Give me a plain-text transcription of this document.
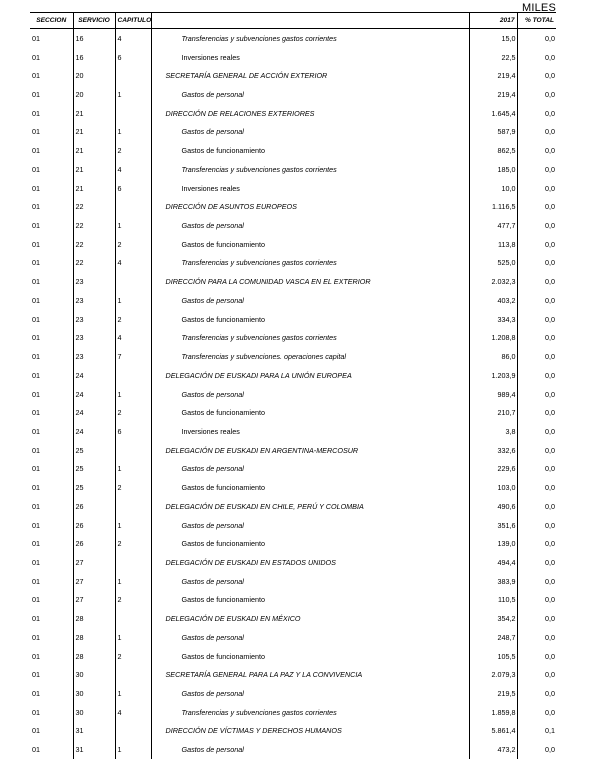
MILES
SECCION	SERVICIO	CAPITULO		2017	% TOTAL
01	16	4	Transferencias y subvenciones gastos corrientes	15,0	0,0
01	16	6	Inversiones reales	22,5	0,0
01	20		SECRETARÍA GENERAL DE ACCIÓN EXTERIOR	219,4	0,0
01	20	1	Gastos de personal	219,4	0,0
01	21		DIRECCIÓN DE RELACIONES EXTERIORES	1.645,4	0,0
01	21	1	Gastos de personal	587,9	0,0
01	21	2	Gastos de funcionamiento	862,5	0,0
01	21	4	Transferencias y subvenciones gastos corrientes	185,0	0,0
01	21	6	Inversiones reales	10,0	0,0
01	22		DIRECCIÓN DE ASUNTOS EUROPEOS	1.116,5	0,0
01	22	1	Gastos de personal	477,7	0,0
01	22	2	Gastos de funcionamiento	113,8	0,0
01	22	4	Transferencias y subvenciones gastos corrientes	525,0	0,0
01	23		DIRECCIÓN PARA LA COMUNIDAD VASCA EN EL EXTERIOR	2.032,3	0,0
01	23	1	Gastos de personal	403,2	0,0
01	23	2	Gastos de funcionamiento	334,3	0,0
01	23	4	Transferencias y subvenciones gastos corrientes	1.208,8	0,0
01	23	7	Transferencias y subvenciones. operaciones capital	86,0	0,0
01	24		DELEGACIÓN DE EUSKADI PARA LA UNIÓN EUROPEA	1.203,9	0,0
01	24	1	Gastos de personal	989,4	0,0
01	24	2	Gastos de funcionamiento	210,7	0,0
01	24	6	Inversiones reales	3,8	0,0
01	25		DELEGACIÓN DE EUSKADI EN ARGENTINA-MERCOSUR	332,6	0,0
01	25	1	Gastos de personal	229,6	0,0
01	25	2	Gastos de funcionamiento	103,0	0,0
01	26		DELEGACIÓN DE EUSKADI EN CHILE, PERÚ Y COLOMBIA	490,6	0,0
01	26	1	Gastos de personal	351,6	0,0
01	26	2	Gastos de funcionamiento	139,0	0,0
01	27		DELEGACIÓN DE EUSKADI EN ESTADOS UNIDOS	494,4	0,0
01	27	1	Gastos de personal	383,9	0,0
01	27	2	Gastos de funcionamiento	110,5	0,0
01	28		DELEGACIÓN DE EUSKADI EN MÉXICO	354,2	0,0
01	28	1	Gastos de personal	248,7	0,0
01	28	2	Gastos de funcionamiento	105,5	0,0
01	30		SECRETARÍA GENERAL PARA LA PAZ Y LA CONVIVENCIA	2.079,3	0,0
01	30	1	Gastos de personal	219,5	0,0
01	30	4	Transferencias y subvenciones gastos corrientes	1.859,8	0,0
01	31		DIRECCIÓN DE VÍCTIMAS Y DERECHOS HUMANOS	5.861,4	0,1
01	31	1	Gastos de personal	473,2	0,0
